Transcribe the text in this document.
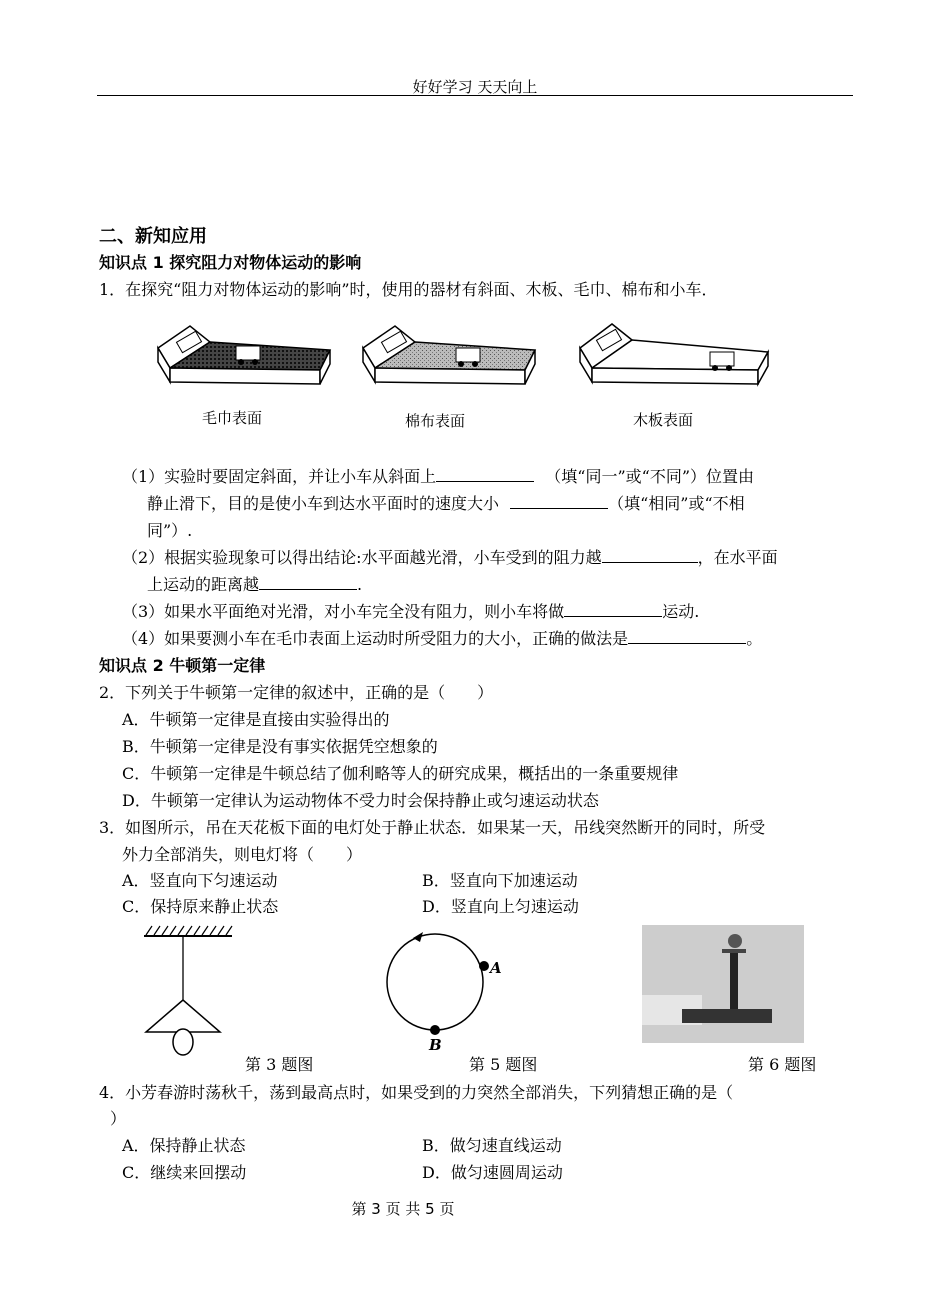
好好学习 天天向上
二、新知应用
知识点 1 探究阻力对物体运动的影响
1．在探究“阻力对物体运动的影响”时，使用的器材有斜面、木板、毛巾、棉布和小车．
毛巾表面	棉布表面	木板表面
（1）实验时要固定斜面，并让小车从斜面上	（填“同一”或“不同”）位置由
静止滑下，目的是使小车到达水平面时的速度大小	（填“相同”或“不相
同”）.
（2）根据实验现象可以得出结论:水平面越光滑，小车受到的阻力越	，在水平面
上运动的距离越	.
（3）如果水平面绝对光滑，对小车完全没有阻力，则小车将做	运动.
（4）如果要测小车在毛巾表面上运动时所受阻力的大小，正确的做法是	。
知识点 2 牛顿第一定律
2．下列关于牛顿第一定律的叙述中，正确的是（　　）
A．牛顿第一定律是直接由实验得出的
B．牛顿第一定律是没有事实依据凭空想象的
C．牛顿第一定律是牛顿总结了伽利略等人的研究成果，概括出的一条重要规律
D．牛顿第一定律认为运动物体不受力时会保持静止或匀速运动状态
3．如图所示，吊在天花板下面的电灯处于静止状态．如果某一天，吊线突然断开的同时，所受
外力全部消失，则电灯将（　　）
A．竖直向下匀速运动	B．竖直向下加速运动
C．保持原来静止状态	D．竖直向上匀速运动
A
B
第 3 题图	第 5 题图	第 6 题图
4．小芳春游时荡秋千，荡到最高点时，如果受到的力突然全部消失，下列猜想正确的是（
）
A．保持静止状态	B．做匀速直线运动
C．继续来回摆动	D．做匀速圆周运动
第 3 页 共 5 页
